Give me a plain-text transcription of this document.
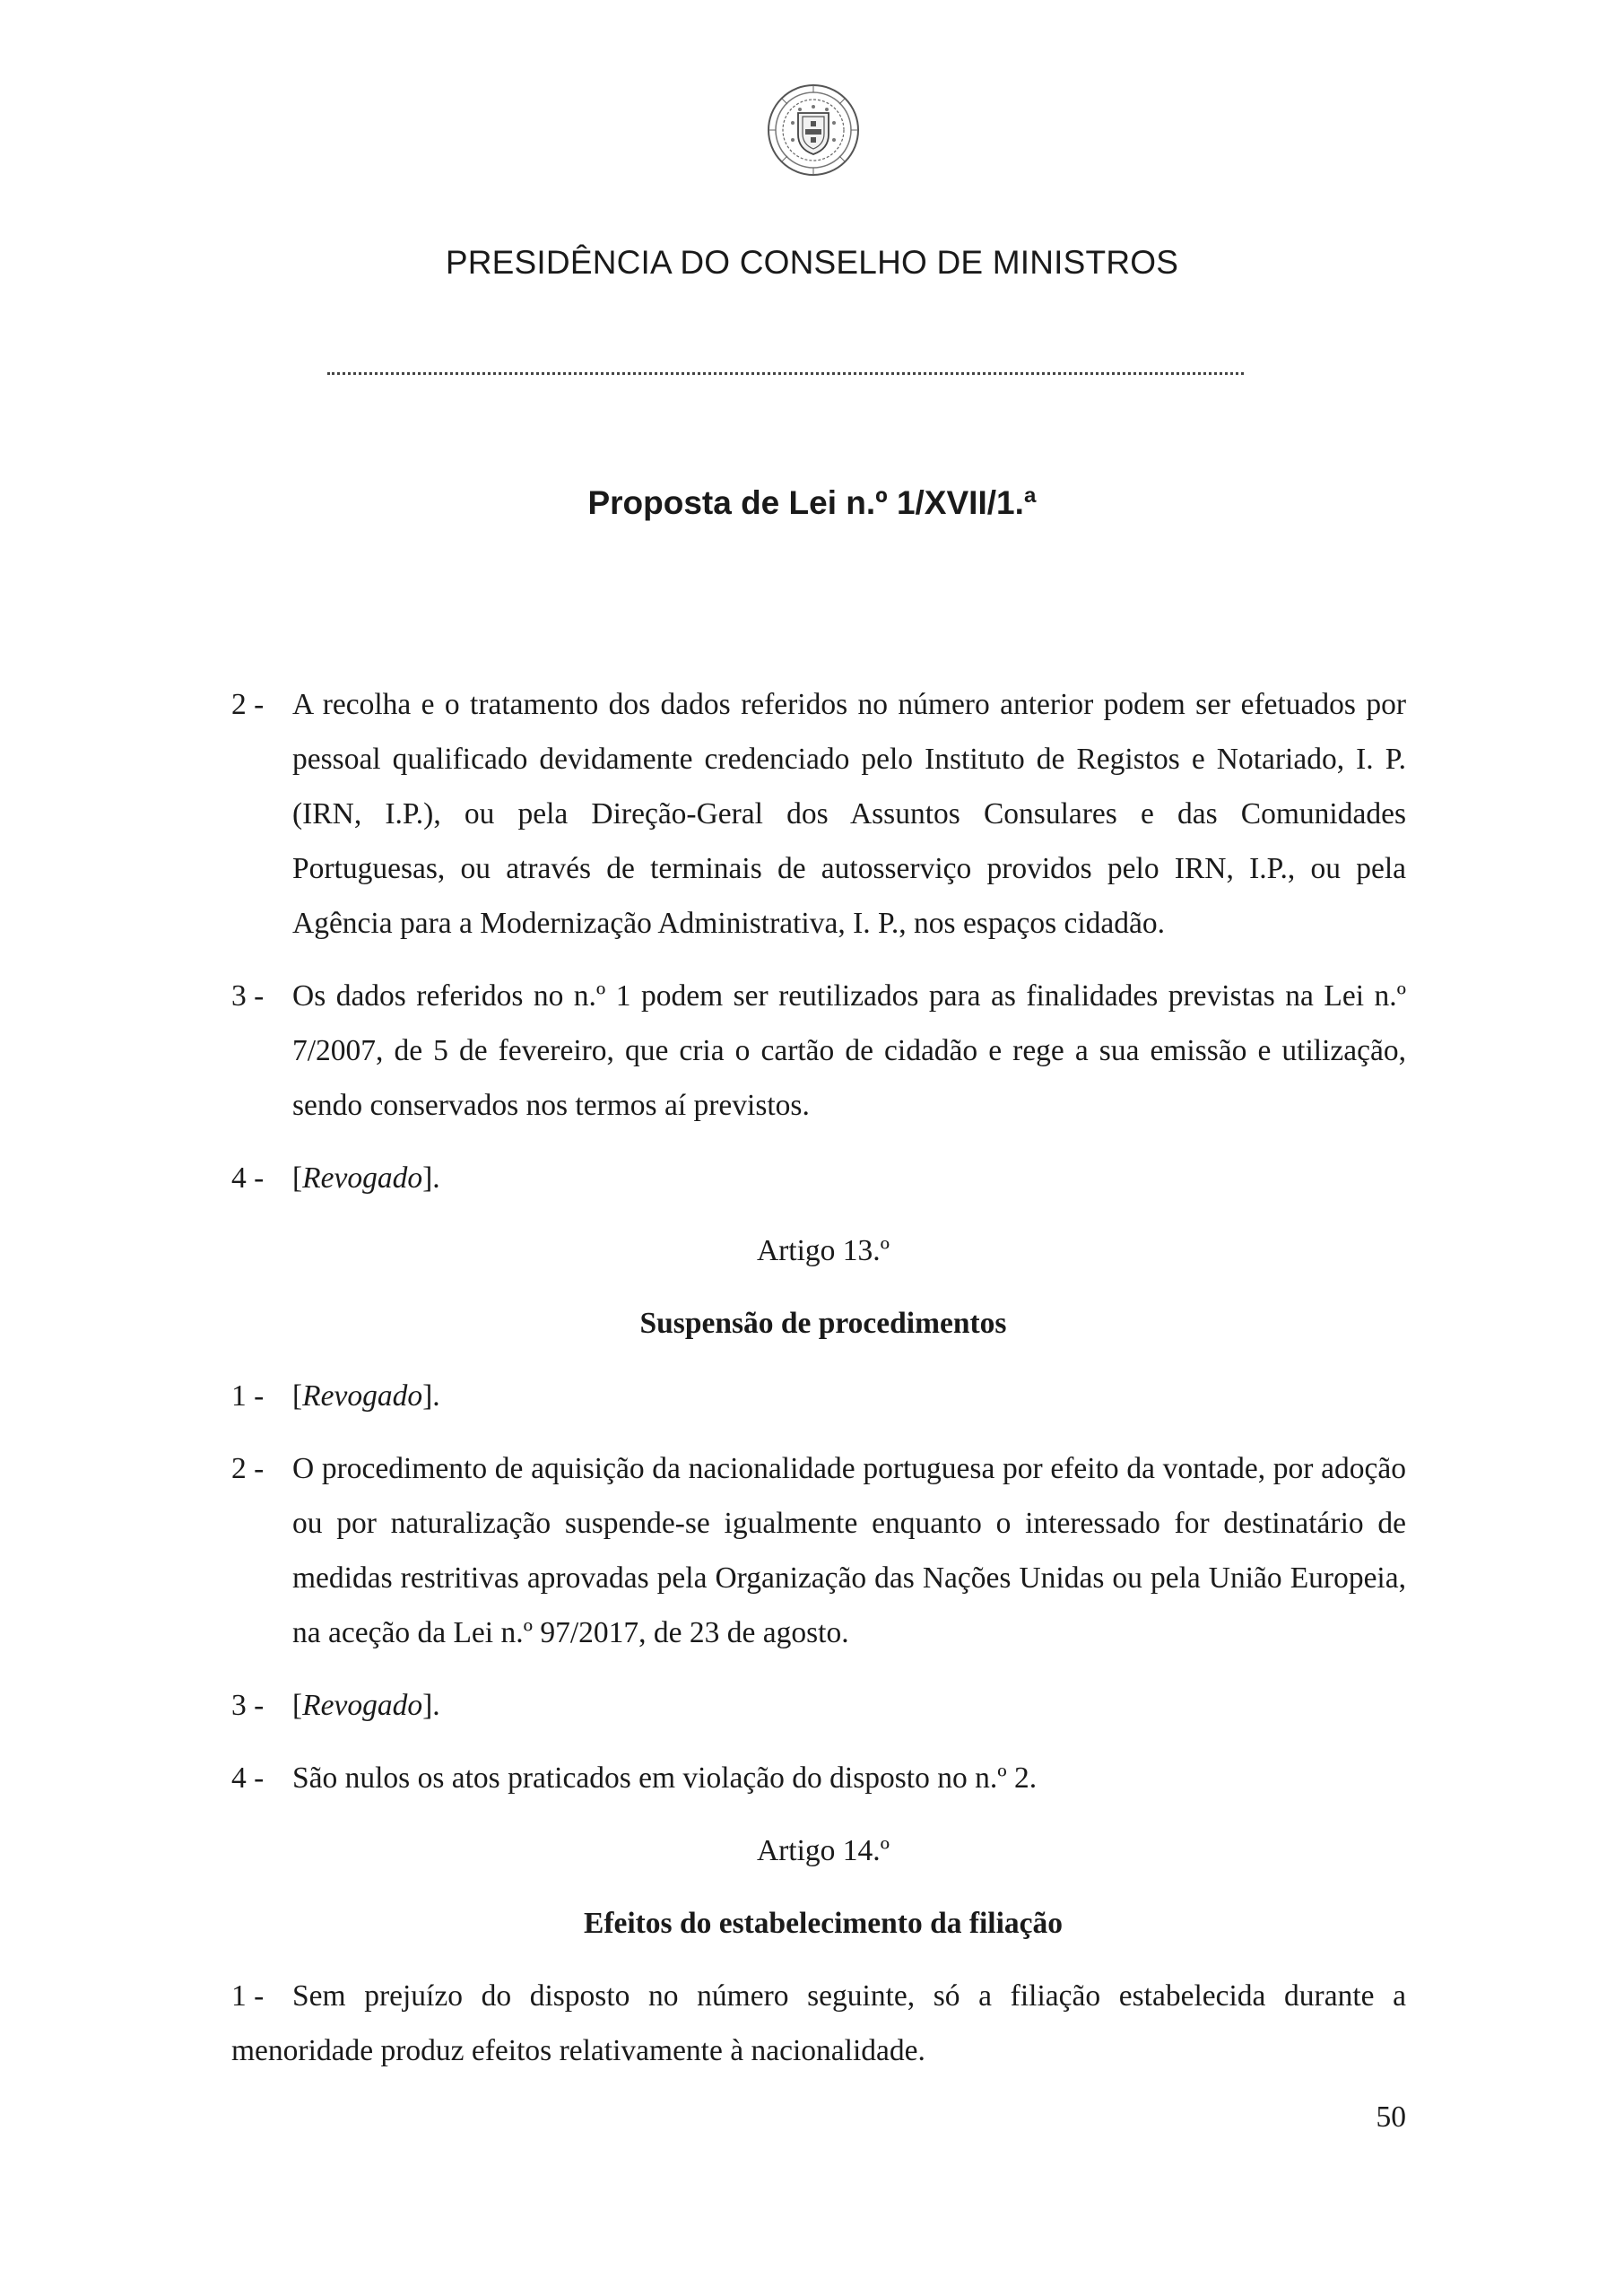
PRESIDÊNCIA DO CONSELHO DE MINISTROS
Proposta de Lei n.º 1/XVII/1.ª
2 - A recolha e o tratamento dos dados referidos no número anterior podem ser efetuados por pessoal qualificado devidamente credenciado pelo Instituto de Registos e Notariado, I. P. (IRN, I.P.), ou pela Direção-Geral dos Assuntos Consulares e das Comunidades Portuguesas, ou através de terminais de autosserviço providos pelo IRN, I.P., ou pela Agência para a Modernização Administrativa, I. P., nos espaços cidadão.
3 - Os dados referidos no n.º 1 podem ser reutilizados para as finalidades previstas na Lei n.º 7/2007, de 5 de fevereiro, que cria o cartão de cidadão e rege a sua emissão e utilização, sendo conservados nos termos aí previstos.
4 - [Revogado].
Artigo 13.º
Suspensão de procedimentos
1 - [Revogado].
2 - O procedimento de aquisição da nacionalidade portuguesa por efeito da vontade, por adoção ou por naturalização suspende-se igualmente enquanto o interessado for destinatário de medidas restritivas aprovadas pela Organização das Nações Unidas ou pela União Europeia, na aceção da Lei n.º 97/2017, de 23 de agosto.
3 - [Revogado].
4 - São nulos os atos praticados em violação do disposto no n.º 2.
Artigo 14.º
Efeitos do estabelecimento da filiação
1 - Sem prejuízo do disposto no número seguinte, só a filiação estabelecida durante a
menoridade produz efeitos relativamente à nacionalidade.
50
